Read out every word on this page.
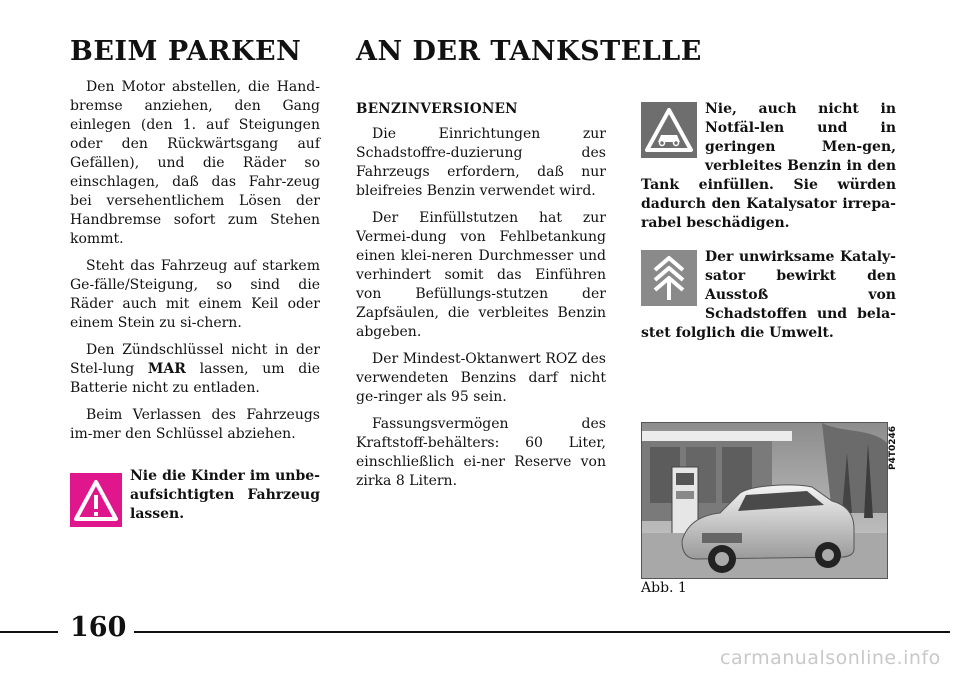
BEIM PARKEN

Den Motor abstellen, die Hand-bremse anziehen, den Gang einlegen (den 1. auf Steigungen oder den Rückwärtsgang auf Gefällen), und die Räder so einschlagen, daß das Fahr-zeug bei versehentlichem Lösen der Handbremse sofort zum Stehen kommt.

Steht das Fahrzeug auf starkem Ge-fälle/Steigung, so sind die Räder auch mit einem Keil oder einem Stein zu si-chern.

Den Zündschlüssel nicht in der Stel-lung MAR lassen, um die Batterie nicht zu entladen.

Beim Verlassen des Fahrzeugs im-mer den Schlüssel abziehen.

Nie die Kinder im unbe-aufsichtigten Fahrzeug lassen.
AN DER TANKSTELLE
BENZINVERSIONEN

Die Einrichtungen zur Schadstoffre-duzierung des Fahrzeugs erfordern, daß nur bleifreies Benzin verwendet wird.

Der Einfüllstutzen hat zur Vermei-dung von Fehlbetankung einen klei-neren Durchmesser und verhindert somit das Einführen von Befüllungs-stutzen der Zapfsäulen, die verbleites Benzin abgeben.

Der Mindest-Oktanwert ROZ des verwendeten Benzins darf nicht ge-ringer als 95 sein.

Fassungsvermögen des Kraftstoff-behälters: 60 Liter, einschließlich ei-ner Reserve von zirka 8 Litern.

Nie, auch nicht in Notfäl-len und in geringen Men-gen, verbleites Benzin in den Tank einfüllen. Sie würden dadurch den Katalysator irrepa-rabel beschädigen.
Der unwirksame Kataly-sator bewirkt den Ausstoß von Schadstoffen und bela-stet folglich die Umwelt.
P4T0246
Abb. 1
160
carmanualsonline.info
